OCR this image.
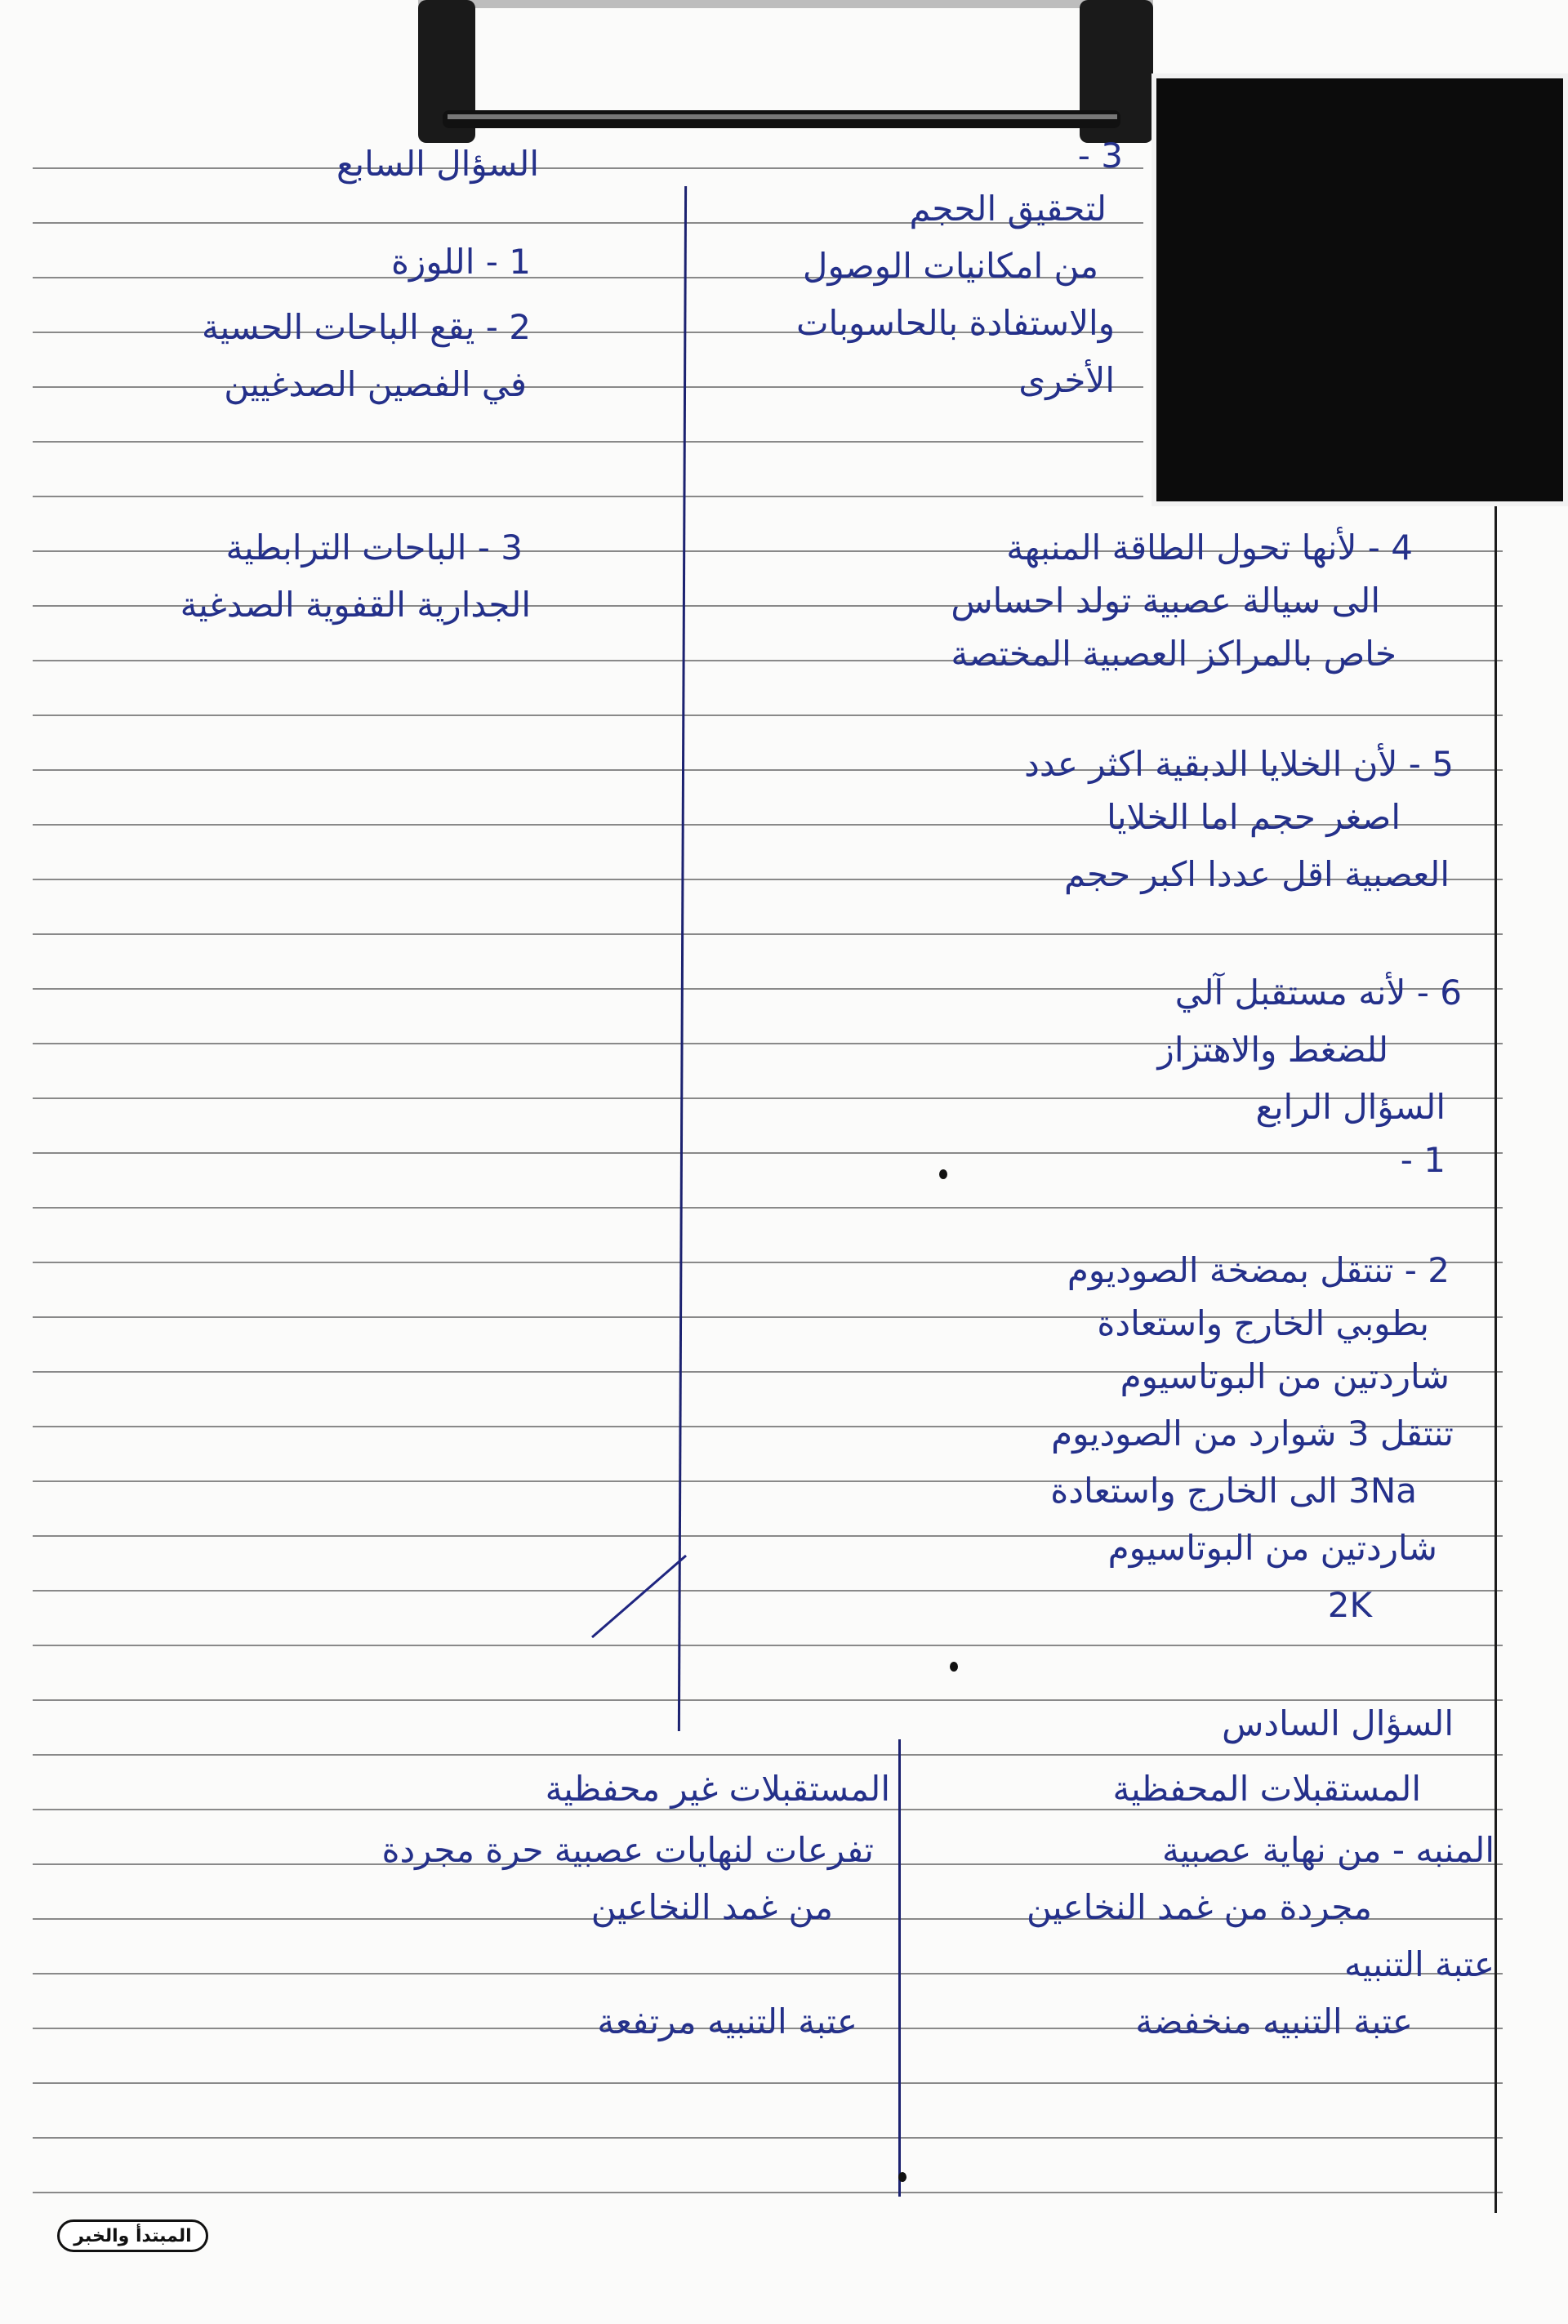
3 -
لتحقيق الحجم
من امكانيات الوصول
والاستفادة بالحاسوبات
الأخرى
4 - لأنها تحول الطاقة المنبهة
الى سيالة عصبية تولد احساس
خاص بالمراكز العصبية المختصة
5 - لأن الخلايا الدبقية اكثر عدد
اصغر حجم اما الخلايا
العصبية اقل عددا اكبر حجم
6 - لأنه مستقبل آلي
للضغط والاهتزاز
السؤال الرابع
1 -
2 - تنتقل بمضخة الصوديوم
بطوبي الخارج واستعادة
شاردتين من البوتاسيوم
تنتقل 3 شوارد من الصوديوم
3Na الى الخارج واستعادة
شاردتين من البوتاسيوم
2K
السؤال السابع
1 - اللوزة
2 - يقع الباحات الحسية
في الفصين الصدغيين
3 - الباحات الترابطية
الجدارية القفوية الصدغية
السؤال السادس
المستقبلات المحفظية
المنبه - من نهاية عصبية
مجردة من غمد النخاعين
عتبة التنبيه
عتبة التنبيه منخفضة
المستقبلات غير محفظية
تفرعات لنهايات عصبية حرة مجردة
من غمد النخاعين
عتبة التنبيه مرتفعة
المبتدأ والخبر
